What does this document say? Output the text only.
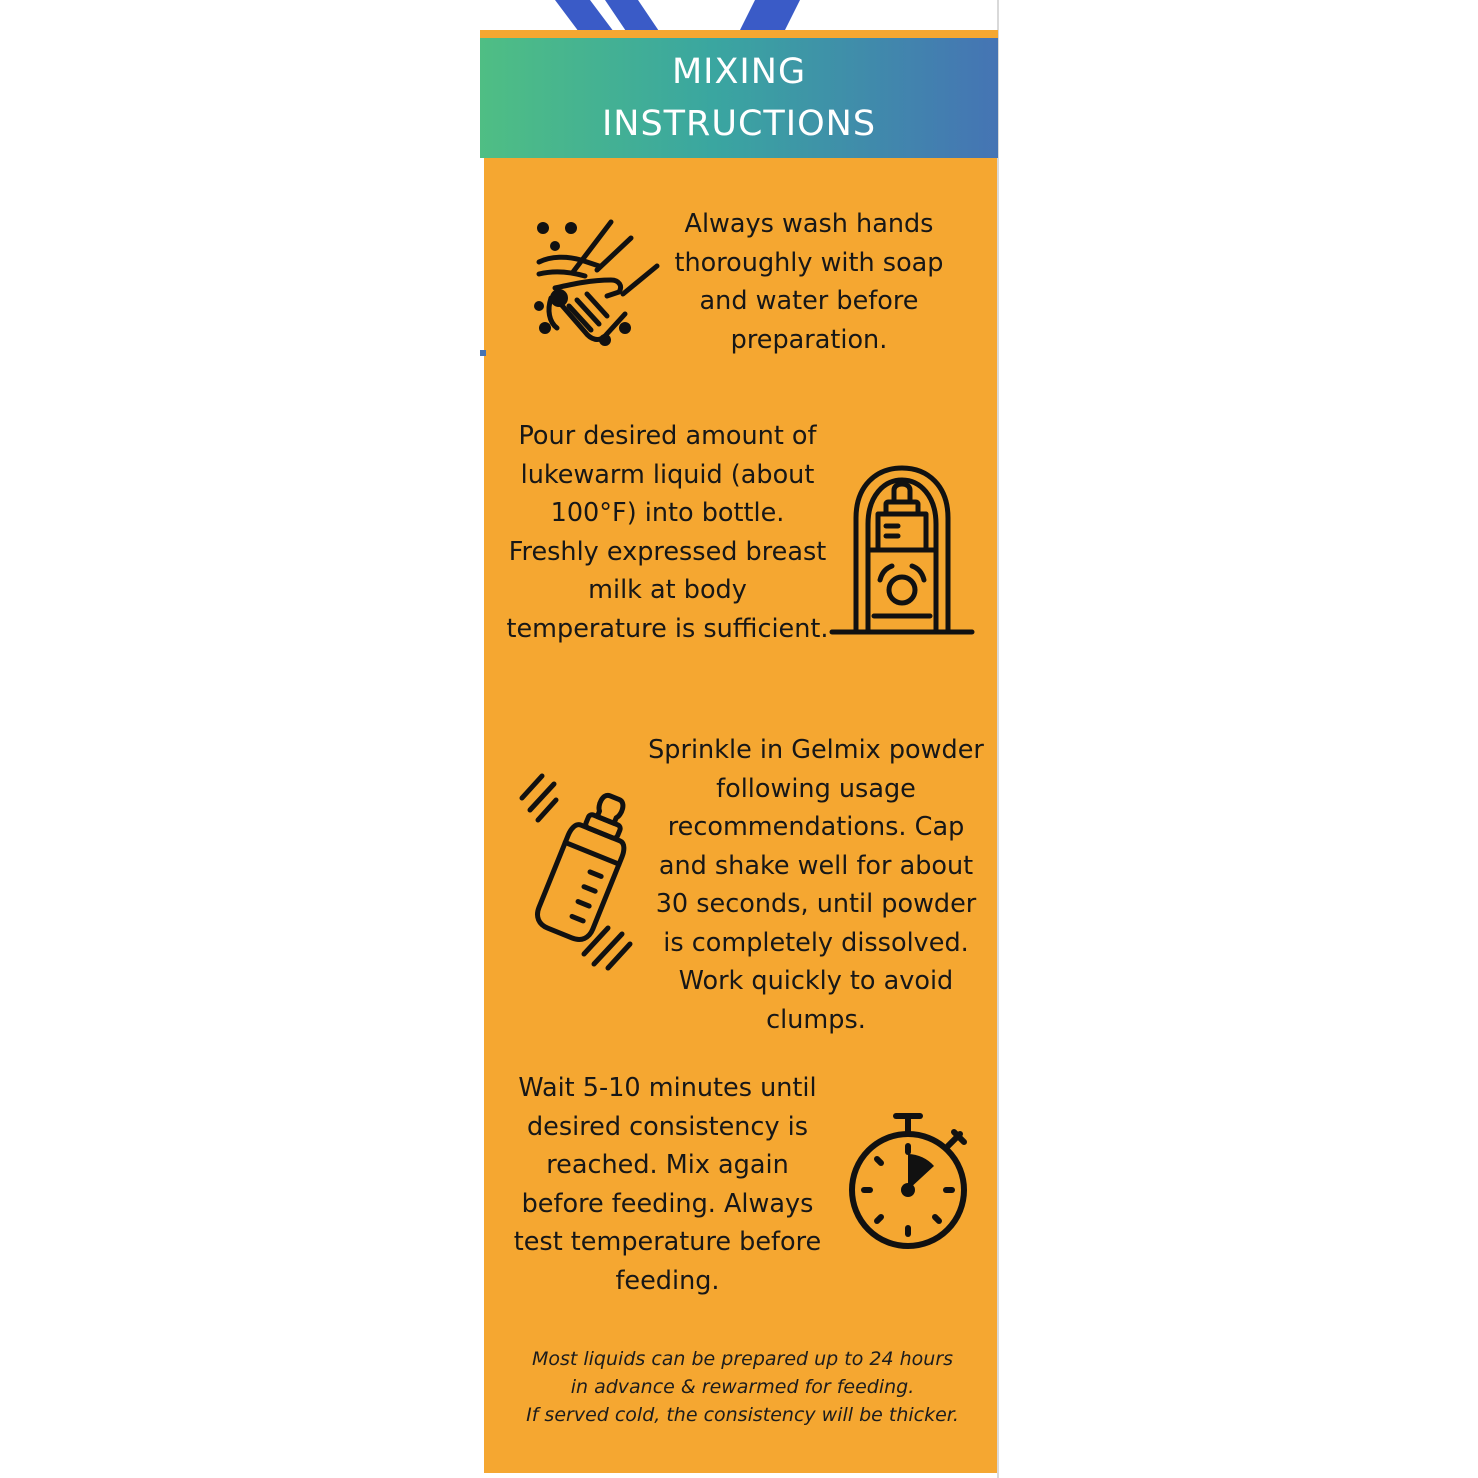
MIXING
INSTRUCTIONS
Always wash hands thoroughly with soap and water before preparation.
Pour desired amount of lukewarm liquid (about 100°F) into bottle. Freshly expressed breast milk at body temperature is sufficient.
Sprinkle in Gelmix powder following usage recommendations. Cap and shake well for about 30 seconds, until powder is completely dissolved. Work quickly to avoid clumps.
Wait 5-10 minutes until desired consistency is reached. Mix again before feeding. Always test temperature before feeding.
Most liquids can be prepared up to 24 hours
in advance & rewarmed for feeding.
If served cold, the consistency will be thicker.
